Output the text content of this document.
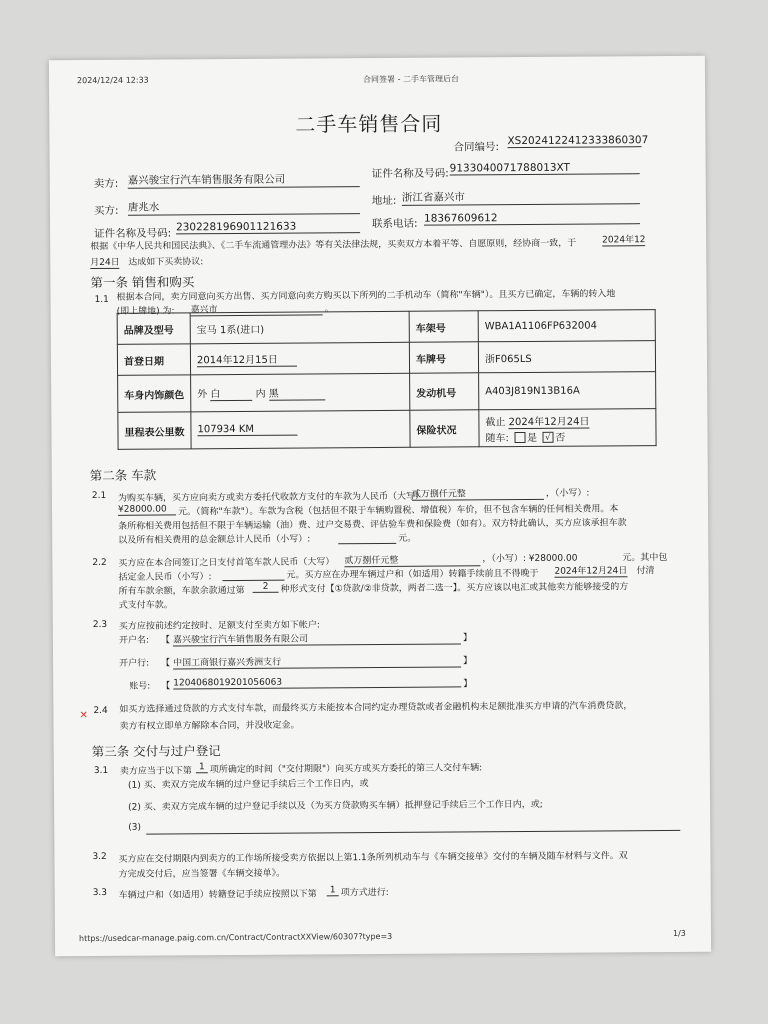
2024/12/24 12:33	合同签署 - 二手车管理后台
二手车销售合同
合同编号:
XS20241224123338​60307
卖方: 嘉兴骏宝行汽车销售服务有限公司	证件名称及号码: 9133040071788013XT
买方: 唐兆水
地址: 浙江省嘉兴市
证件名称及号码:
230228196901121633	联系电话: 18367609612
根据《中华人民共和国民法典》、《二手车流通管理办法》等有关法律法规，买卖双方本着平等、自愿原则，经协商一致，于	2024年12
月24日 达成如下买卖协议:
第一条 销售和购买
1.1 根据本合同，卖方同意向买方出售、买方同意向卖方购买以下所列的二手机动车（简称"车辆"）。且买方已确定，车辆的转入地
(即上牌地) 为: 嘉兴市	。
品牌及型号	宝马 1系(进口)	车架号	WBA1A1106FP632004
首登日期	2014年12月15日	车牌号	浙F065LS
车身内饰颜色	外 白 内 黑	发动机号	A403J819N13B16A
里程表公里数	107934 KM	保险状况	截止 2024年12月24日
随车: 是 √ 否
第二条 车款
2.1 为购买车辆，买方应向卖方或卖方委托代收款方支付的车款为人民币（大写）
贰万捌仟元整	，（小写）:
¥28000.00	元。（简称"车款"）。车款为含税（包括但不限于车辆购置税、增值税）车价，但不包含车辆的任何相关费用。本
条所称相关费用包括但不限于车辆运输（油）费、过户交易费、评估验车费和保险费（如有）。双方特此确认，买方应该承担车款
以及所有相关费用的总金额总计人民币（小写）:	元。
2.2 买方应在本合同签订之日支付首笔车款人民币（大写） 贰万捌仟元整	，（小写）: ¥28000.00	元。其中包
括定金人民币（小写）:	元。买方应在办理车辆过户和（如适用）转籍手续前且不得晚于 2024年12月24日 付清
所有车款余额，车款余款通过第	2	种形式支付【①贷款/②非贷款，两者二选一】。买方应该以电汇或其他卖方能够接受的方
式支付车款。
2.3 买方应按前述约定按时、足额支付至卖方如下帐户:
开户名: 【 嘉兴骏宝行汽车销售服务有限公司	】
开户行: 【 中国工商银行嘉兴秀洲支行	】
账号: 【 1204068019201056063	】
✕ 2.4 如买方选择通过贷款的方式支付车款，而最终买方未能按本合同约定办理贷款或者金融机构未足额批准买方申请的汽车消费贷款，
卖方有权立即单方解除本合同，并没收定金。
第三条 交付与过户登记
3.1 卖方应当于以下第 1 项所确定的时间（"交付期限"）向买方或买方委托的第三人交付车辆:
(1) 买、卖双方完成车辆的过户登记手续后三个工作日内，或
(2) 买、卖双方完成车辆的过户登记手续以及（为买方贷款购买车辆）抵押登记手续后三个工作日内，或;
(3)
3.2 买方应在交付期限内到卖方的工作场所接受卖方依据以上第1.1条所列机动车与《车辆交接单》交付的车辆及随车材料与文件。双
方完成交付后，应当签署《车辆交接单》。
3.3 车辆过户和（如适用）转籍登记手续应按照以下第	1 项方式进行:
https://usedcar-manage.paig.com.cn/Contract/ContractXXView/60307?type=3	1/3
